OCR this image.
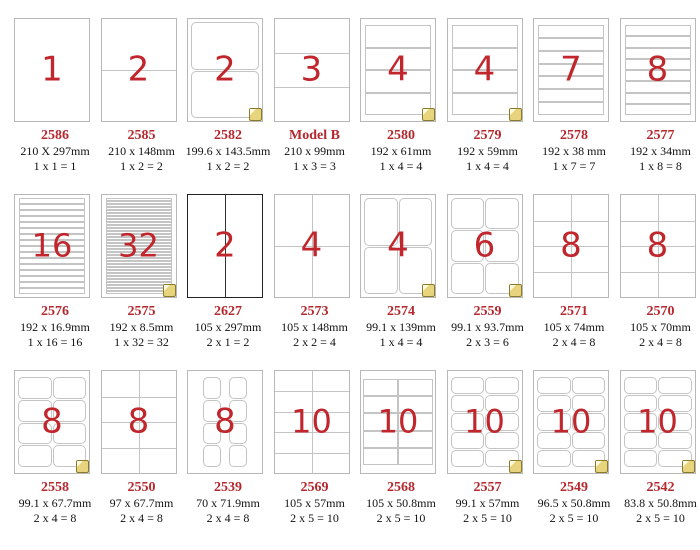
1
2586
210 X 297mm
1 x 1 = 1
2
2585
210 x 148mm
1 x 2 = 2
2
2582
199.6 x 143.5mm
1 x 2 = 2
3
Model B
210 x 99mm
1 x 3 = 3
4
2580
192 x 61mm
1 x 4 = 4
4
2579
192 x 59mm
1 x 4 = 4
7
2578
192 x 38 mm
1 x 7 = 7
8
2577
192 x 34mm
1 x 8 = 8
16
2576
192 x 16.9mm
1 x 16 = 16
32
2575
192 x 8.5mm
1 x 32 = 32
2
2627
105 x 297mm
2 x 1 = 2
4
2573
105 x 148mm
2 x 2 = 4
4
2574
99.1 x 139mm
1 x 4 = 4
6
2559
99.1 x 93.7mm
2 x 3 = 6
8
2571
105 x 74mm
2 x 4 = 8
8
2570
105 x 70mm
2 x 4 = 8
8
2558
99.1 x 67.7mm
2 x 4 = 8
8
2550
97 x 67.7mm
2 x 4 = 8
8
2539
70 x 71.9mm
2 x 4 = 8
10
2569
105 x 57mm
2 x 5 = 10
10
2568
105 x 50.8mm
2 x 5 = 10
10
2557
99.1 x 57mm
2 x 5 = 10
10
2549
96.5 x 50.8mm
2 x 5 = 10
10
2542
83.8 x 50.8mm
2 x 5 = 10
